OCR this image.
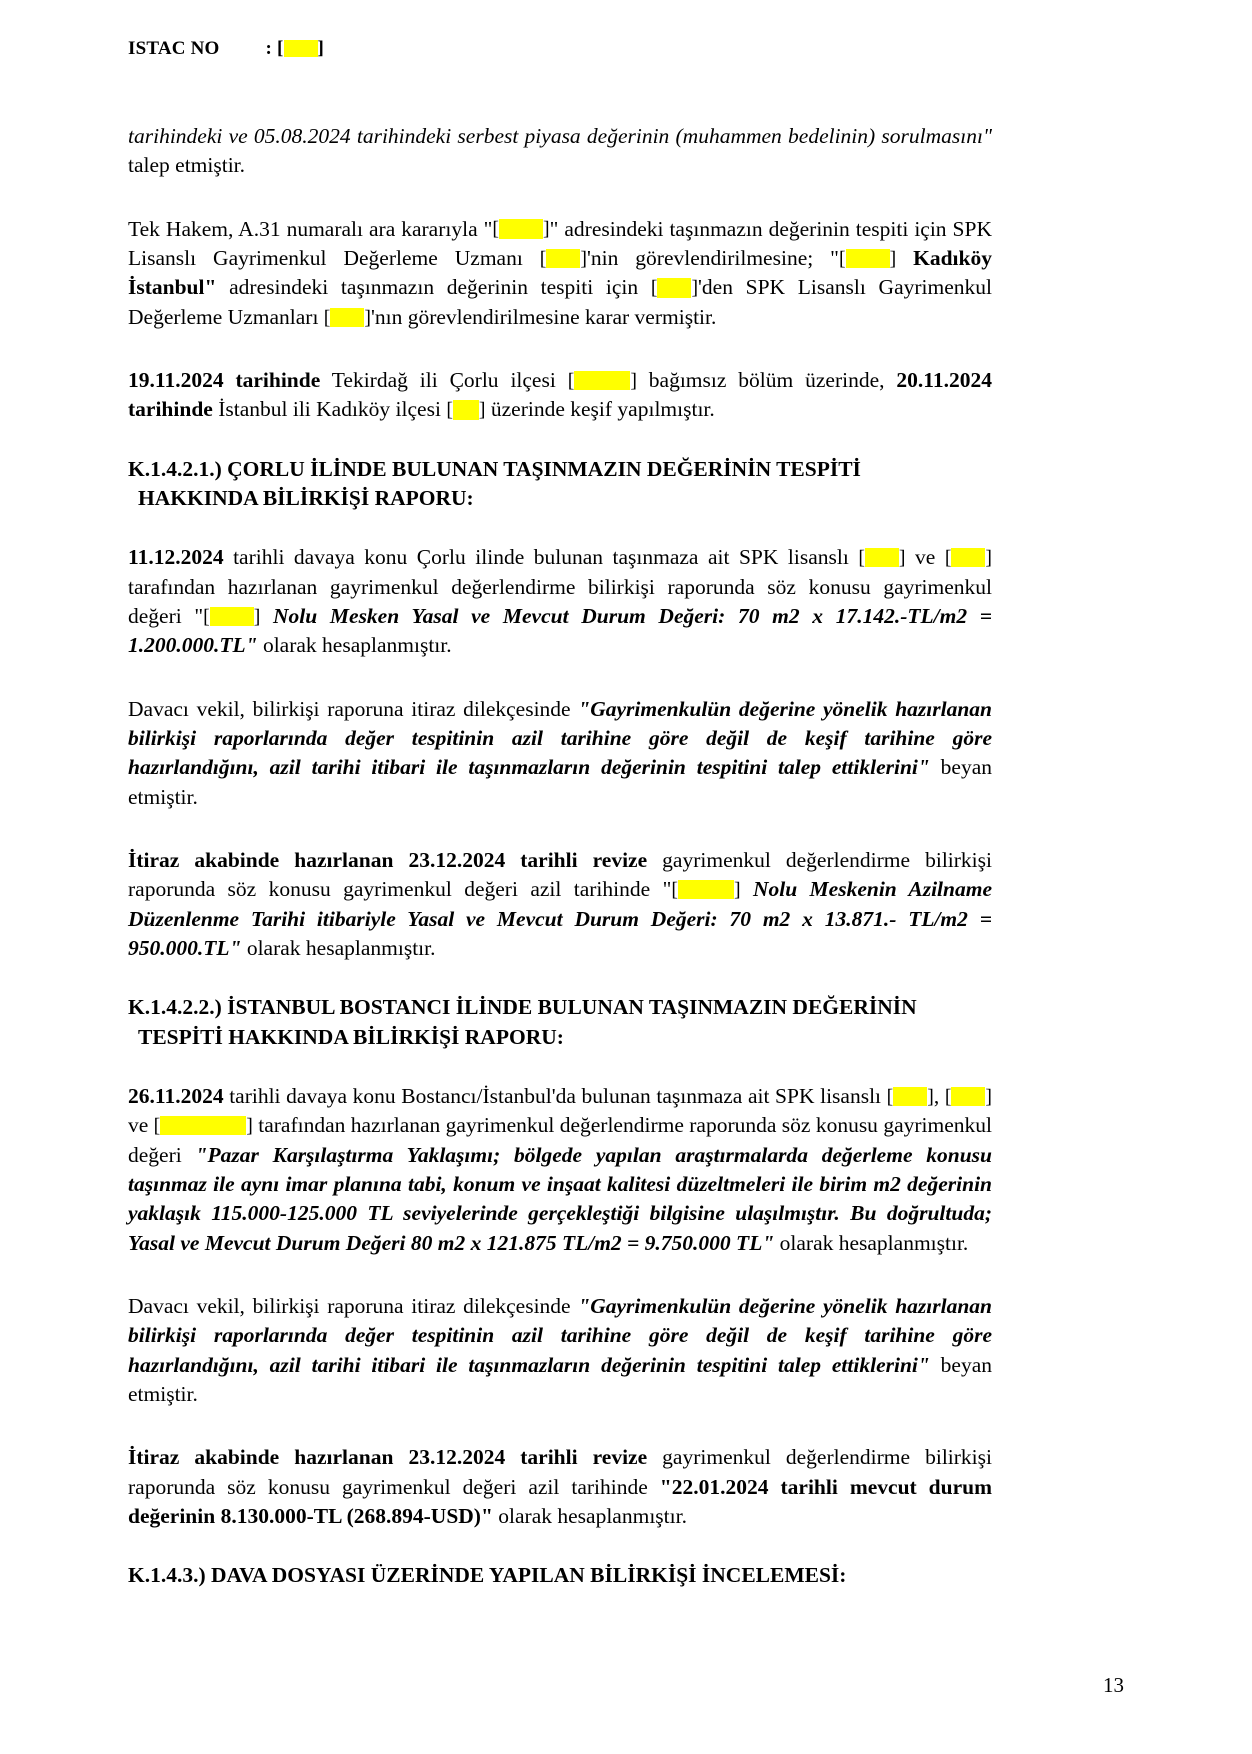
ISTAC NO : [ ]

tarihindeki ve 05.08.2024 tarihindeki serbest piyasa değerinin (muhammen bedelinin) sorulmasını" talep etmiştir.

Tek Hakem, A.31 numaralı ara kararıyla "[ ]" adresindeki taşınmazın değerinin tespiti için SPK Lisanslı Gayrimenkul Değerleme Uzmanı [ ]'nin görevlendirilmesine; "[ ] Kadıköy İstanbul" adresindeki taşınmazın değerinin tespiti için [ ]'den SPK Lisanslı Gayrimenkul Değerleme Uzmanları [ ]'nın görevlendirilmesine karar vermiştir.

19.11.2024 tarihinde Tekirdağ ili Çorlu ilçesi [	] bağımsız bölüm üzerinde, 20.11.2024 tarihinde İstanbul ili Kadıköy ilçesi [ ] üzerinde keşif yapılmıştır.

K.1.4.2.1.) ÇORLU İLİNDE BULUNAN TAŞINMAZIN DEĞERİNİN TESPİTİ
HAKKINDA BİLİRKİŞİ RAPORU:

11.12.2024 tarihli davaya konu Çorlu ilinde bulunan taşınmaza ait SPK lisanslı [ ] ve [ ] tarafından hazırlanan gayrimenkul değerlendirme bilirkişi raporunda söz konusu gayrimenkul değeri "[ ] Nolu Mesken Yasal ve Mevcut Durum Değeri: 70 m2 x 17.142.-TL/m2 = 1.200.000.TL" olarak hesaplanmıştır.

Davacı vekil, bilirkişi raporuna itiraz dilekçesinde "Gayrimenkulün değerine yönelik hazırlanan bilirkişi raporlarında değer tespitinin azil tarihine göre değil de keşif tarihine göre hazırlandığını, azil tarihi itibari ile taşınmazların değerinin tespitini talep ettiklerini" beyan etmiştir.

İtiraz akabinde hazırlanan 23.12.2024 tarihli revize gayrimenkul değerlendirme bilirkişi raporunda söz konusu gayrimenkul değeri azil tarihinde "[	] Nolu Meskenin Azilname Düzenlenme Tarihi itibariyle Yasal ve Mevcut Durum Değeri: 70 m2 x 13.871.- TL/m2 = 950.000.TL" olarak hesaplanmıştır.

K.1.4.2.2.) İSTANBUL BOSTANCI İLİNDE BULUNAN TAŞINMAZIN DEĞERİNİN
TESPİTİ HAKKINDA BİLİRKİŞİ RAPORU:

26.11.2024 tarihli davaya konu Bostancı/İstanbul'da bulunan taşınmaza ait SPK lisanslı [ ], [ ] ve [	] tarafından hazırlanan gayrimenkul değerlendirme raporunda söz konusu gayrimenkul değeri "Pazar Karşılaştırma Yaklaşımı; bölgede yapılan araştırmalarda değerleme konusu taşınmaz ile aynı imar planına tabi, konum ve inşaat kalitesi düzeltmeleri ile birim m2 değerinin yaklaşık 115.000-125.000 TL seviyelerinde gerçekleştiği bilgisine ulaşılmıştır. Bu doğrultuda; Yasal ve Mevcut Durum Değeri 80 m2 x 121.875 TL/m2 = 9.750.000 TL" olarak hesaplanmıştır.

Davacı vekil, bilirkişi raporuna itiraz dilekçesinde "Gayrimenkulün değerine yönelik hazırlanan bilirkişi raporlarında değer tespitinin azil tarihine göre değil de keşif tarihine göre hazırlandığını, azil tarihi itibari ile taşınmazların değerinin tespitini talep ettiklerini" beyan etmiştir.

İtiraz akabinde hazırlanan 23.12.2024 tarihli revize gayrimenkul değerlendirme bilirkişi raporunda söz konusu gayrimenkul değeri azil tarihinde "22.01.2024 tarihli mevcut durum değerinin 8.130.000-TL (268.894-USD)" olarak hesaplanmıştır.

K.1.4.3.) DAVA DOSYASI ÜZERİNDE YAPILAN BİLİRKİŞİ İNCELEMESİ:

13
